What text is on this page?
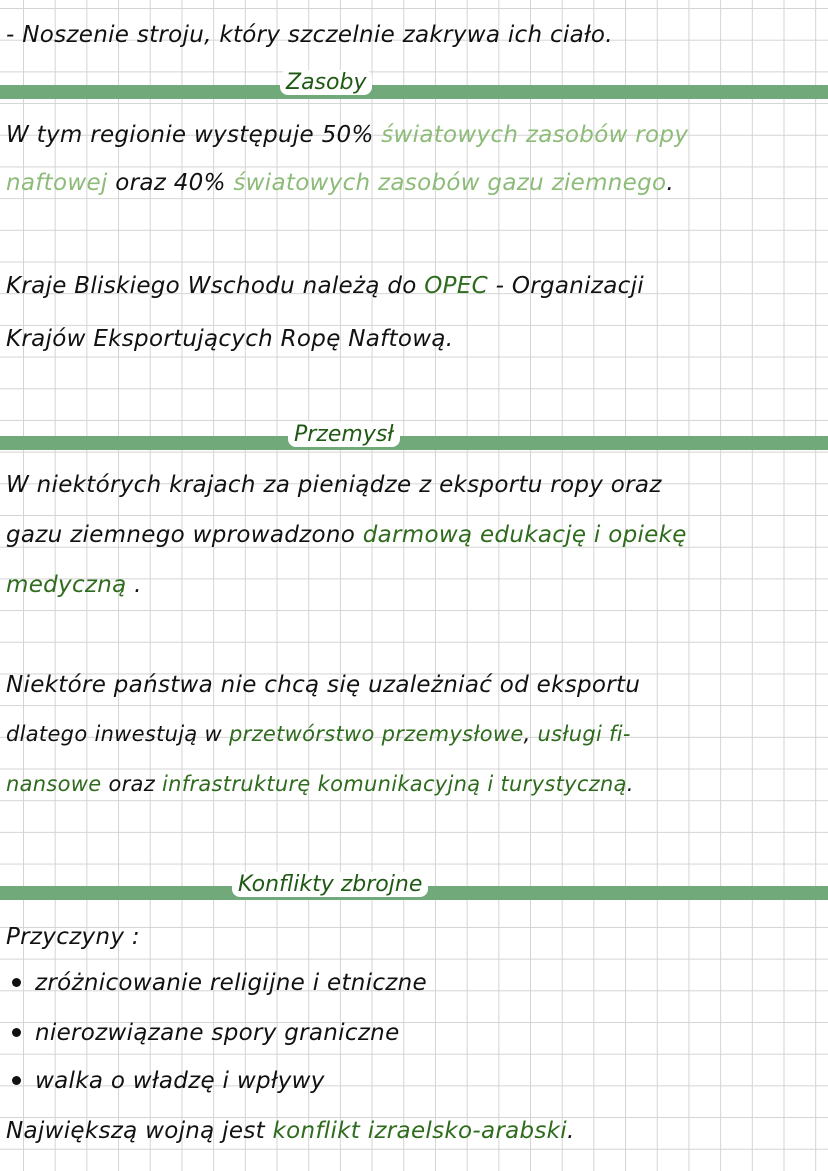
- Noszenie stroju, który szczelnie zakrywa ich ciało.
Zasoby
W tym regionie występuje 50% światowych zasobów ropy
naftowej oraz 40% światowych zasobów gazu ziemnego.
Kraje Bliskiego Wschodu należą do OPEC - Organizacji
Krajów Eksportujących Ropę Naftową.
Przemysł
W niektórych krajach za pieniądze z eksportu ropy oraz
gazu ziemnego wprowadzono darmową edukację i opiekę
medyczną .
Niektóre państwa nie chcą się uzależniać od eksportu
dlatego inwestują w przetwórstwo przemysłowe, usługi fi-
nansowe oraz infrastrukturę komunikacyjną i turystyczną.
Konflikty zbrojne
Przyczyny :
zróżnicowanie religijne i etniczne
nierozwiązane spory graniczne
walka o władzę i wpływy
Największą wojną jest konflikt izraelsko-arabski.
